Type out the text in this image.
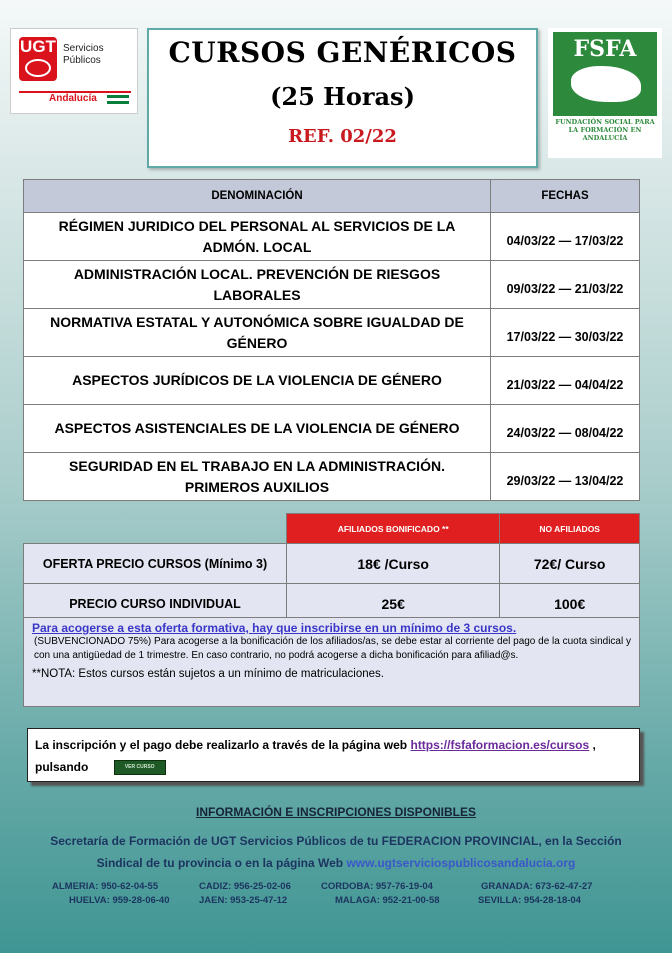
UGT Servicios
Públicos
Andalucía
CURSOS GENÉRICOS
(25 Horas)
REF. 02/22
FSFA
FUNDACIÓN SOCIAL PARA LA FORMACIÓN EN ANDALUCÍA
DENOMINACIÓN	FECHAS
RÉGIMEN JURIDICO DEL PERSONAL AL SERVICIOS DE LA ADMÓN. LOCAL	04/03/22 — 17/03/22
ADMINISTRACIÓN LOCAL. PREVENCIÓN DE RIESGOS LABORALES	09/03/22 — 21/03/22
NORMATIVA ESTATAL Y AUTONÓMICA SOBRE IGUALDAD DE GÉNERO	17/03/22 — 30/03/22
ASPECTOS JURÍDICOS DE LA VIOLENCIA DE GÉNERO	21/03/22 — 04/04/22
ASPECTOS ASISTENCIALES DE LA VIOLENCIA DE GÉNERO	24/03/22 — 08/04/22
SEGURIDAD EN EL TRABAJO EN LA ADMINISTRACIÓN. PRIMEROS AUXILIOS	29/03/22 — 13/04/22
	AFILIADOS BONIFICADO **	NO AFILIADOS
OFERTA PRECIO CURSOS (Mínimo 3)	18€ /Curso	72€/ Curso
PRECIO CURSO INDIVIDUAL	25€	100€
Para acogerse a esta oferta formativa, hay que inscribirse en un mínimo de 3 cursos.
(SUBVENCIONADO 75%) Para acogerse a la bonificación de los afiliados/as, se debe estar al corriente del pago de la cuota sindical y con una antigüedad de 1 trimestre. En caso contrario, no podrá acogerse a dicha bonificación para afiliad@s.
**NOTA: Estos cursos están sujetos a un mínimo de matriculaciones.
La inscripción y el pago debe realizarlo a través de la página web https://fsfaformacion.es/cursos ,
pulsando	VER CURSO
INFORMACIÓN E INSCRIPCIONES DISPONIBLES
Secretaría de Formación de UGT Servicios Públicos de tu FEDERACION PROVINCIAL, en la Sección
Sindical de tu provincia o en la página Web www.ugtserviciospublicosandalucia.org
ALMERIA: 950-62-04-55	CADIZ: 956-25-02-06	CORDOBA: 957-76-19-04	GRANADA: 673-62-47-27
HUELVA: 959-28-06-40	JAEN: 953-25-47-12	MALAGA: 952-21-00-58	SEVILLA: 954-28-18-04
